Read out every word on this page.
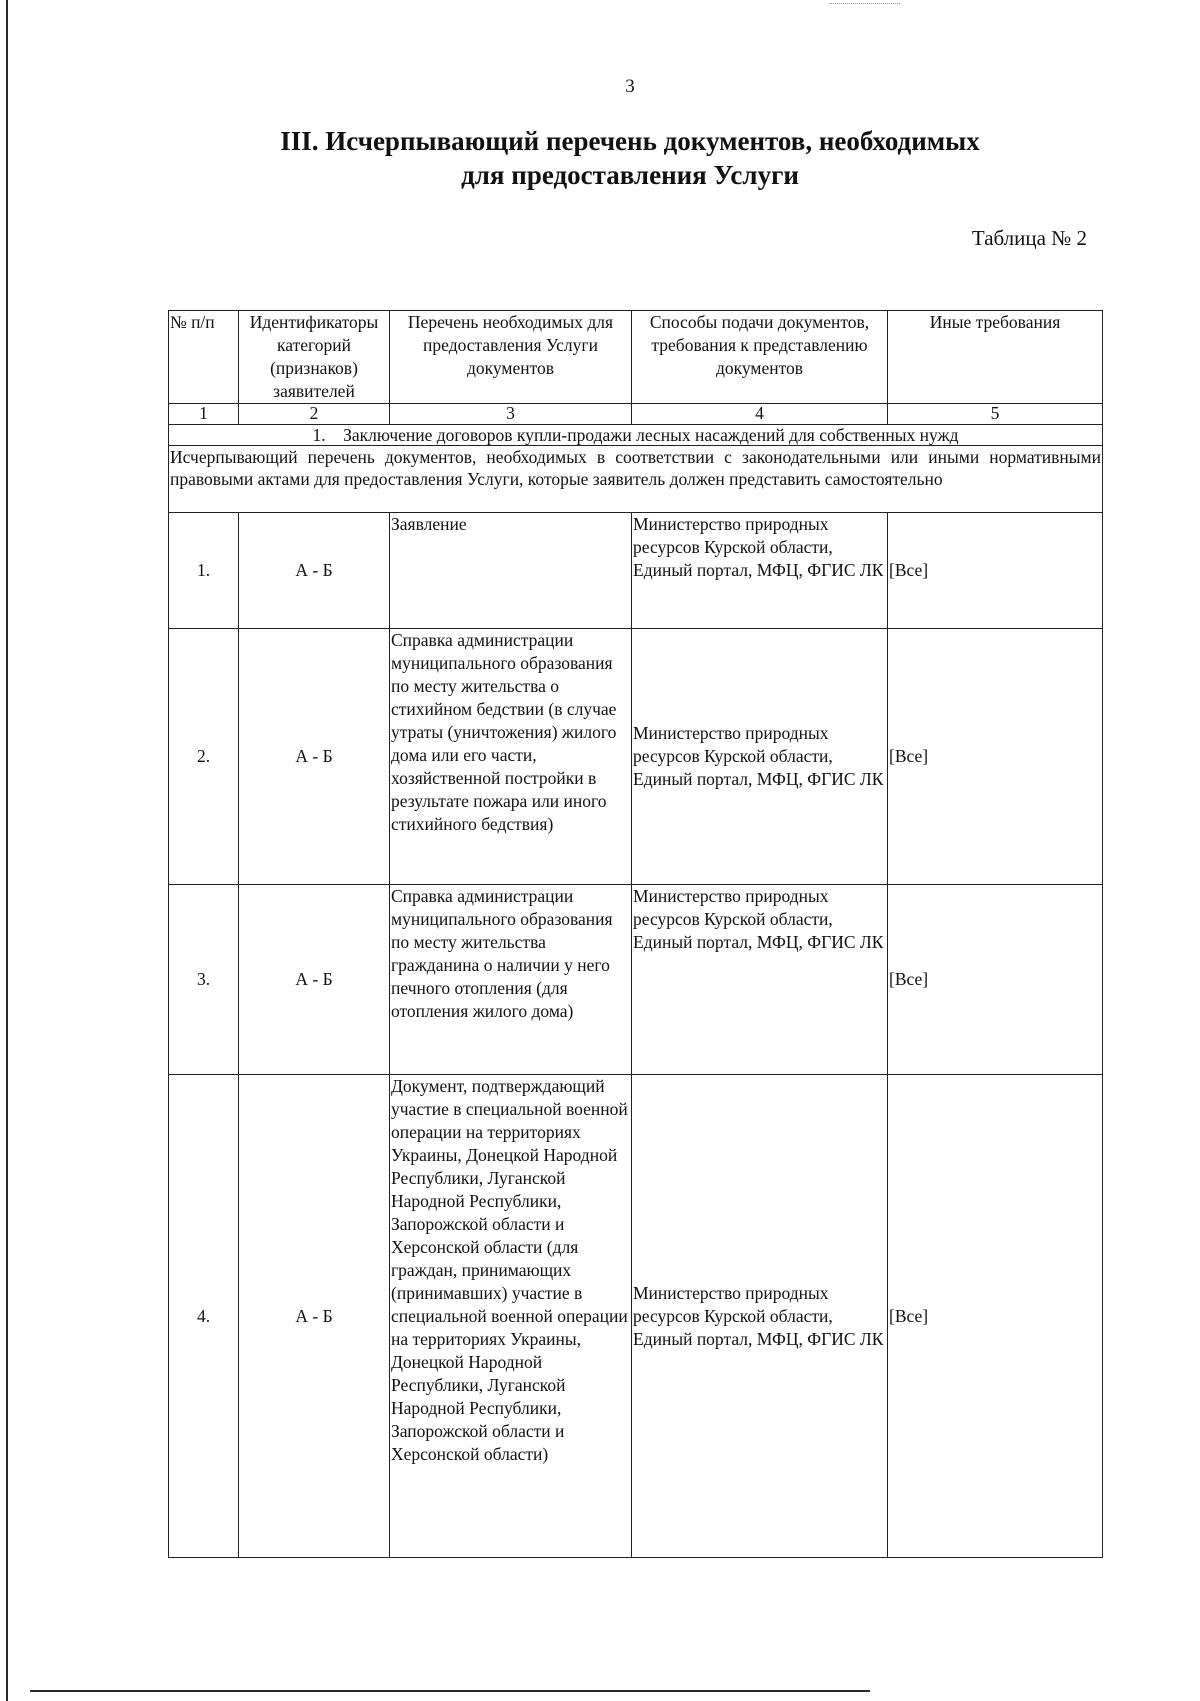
3
III. Исчерпывающий перечень документов, необходимых
для предоставления Услуги
Таблица № 2
№ п/п	Идентификаторы категорий (признаков) заявителей	Перечень необходимых для предоставления Услуги документов	Способы подачи документов, требования к представлению документов	Иные требования
1	2	3	4	5
1.    Заключение договоров купли-продажи лесных насаждений для собственных нужд				
Исчерпывающий перечень документов, необходимых в соответствии с законодательными или иными нормативными правовыми актами для предоставления Услуги, которые заявитель должен представить самостоятельно				
1.	А - Б	Заявление	Министерство природных ресурсов Курской области, Единый портал, МФЦ, ФГИС ЛК	[Все]
2.	А - Б	Справка администрации муниципального образования по месту жительства о стихийном бедствии (в случае утраты (уничтожения) жилого дома или его части, хозяйственной постройки в результате пожара или иного стихийного бедствия)	Министерство природных ресурсов Курской области, Единый портал, МФЦ, ФГИС ЛК	[Все]
3.	А - Б	Справка администрации муниципального образования по месту жительства гражданина о наличии у него печного отопления (для отопления жилого дома)	Министерство природных ресурсов Курской области, Единый портал, МФЦ, ФГИС ЛК	[Все]
4.	А - Б	Документ, подтверждающий участие в специальной военной операции на территориях Украины, Донецкой Народной Республики, Луганской Народной Республики, Запорожской области и Херсонской области (для граждан, принимающих (принимавших) участие в специальной военной операции на территориях Украины, Донецкой Народной Республики, Луганской Народной Республики, Запорожской области и Херсонской области)	Министерство природных ресурсов Курской области, Единый портал, МФЦ, ФГИС ЛК	[Все]
